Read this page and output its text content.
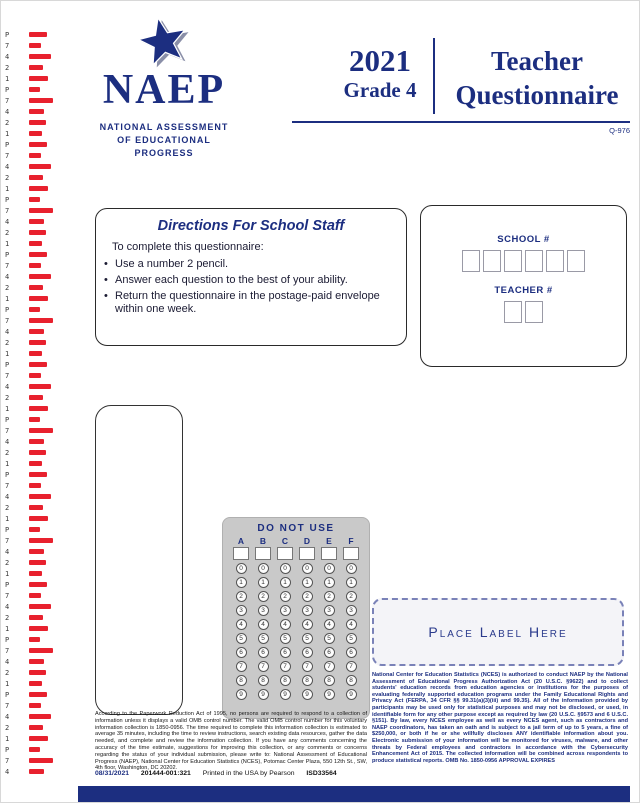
P
7
4
2
1
P
7
4
2
1
P
7
4
2
1
P
7
4
2
1
P
7
4
2
1
P
7
4
2
1
P
7
4
2
1
P
7
4
2
1
P
7
4
2
1
P
7
4
2
1
P
7
4
2
1
P
7
4
2
1
P
7
4
2
1
P
7
4
NAEP
NATIONAL ASSESSMENT
OF EDUCATIONAL
PROGRESS
2021
Grade 4
Teacher
Questionnaire
Q-976
Directions For School Staff
To complete this questionnaire:
• Use a number 2 pencil.
• Answer each question to the best of your ability.
• Return the questionnaire in the postage-paid envelope within one week.
SCHOOL #
TEACHER #
DO NOT USE
A	B	C	D	E	F
0	0	0	0	0	0
1	1	1	1	1	1
2	2	2	2	2	2
3	3	3	3	3	3
4	4	4	4	4	4
5	5	5	5	5	5
6	6	6	6	6	6
7	7	7	7	7	7
8	8	8	8	8	8
9	9	9	9	9	9
Place Label Here
According to the Paperwork Reduction Act of 1995, no persons are required to respond to a collection of information unless it displays a valid OMB control number. The valid OMB control number for this voluntary information collection is 1850-0956. The time required to complete this information collection is estimated to average 35 minutes, including the time to review instructions, search existing data resources, gather the data needed, and complete and review the information collection. If you have any comments concerning the accuracy of the time estimate, suggestions for improving this collection, or any comments or concerns regarding the status of your individual submission, please write to: National Assessment of Educational Progress (NAEP), National Center for Education Statistics (NCES), Potomac Center Plaza, 550 12th St., SW, 4th floor, Washington, DC 20202.
National Center for Education Statistics (NCES) is authorized to conduct NAEP by the National Assessment of Educational Progress Authorization Act (20 U.S.C. §9622) and to collect students' education records from education agencies or institutions for the purposes of evaluating federally supported education programs under the Family Educational Rights and Privacy Act (FERPA, 34 CFR §§ 99.31(a)(3)(iii) and 99.35). All of the information provided by participants may be used only for statistical purposes and may not be disclosed, or used, in identifiable form for any other purpose except as required by law (20 U.S.C. §9573 and 6 U.S.C. §151). By law, every NCES employee as well as every NCES agent, such as contractors and NAEP coordinators, has taken an oath and is subject to a jail term of up to 5 years, a fine of $250,000, or both if he or she willfully discloses ANY identifiable information about you. Electronic submission of your information will be monitored for viruses, malware, and other threats by Federal employees and contractors in accordance with the Cybersecurity Enhancement Act of 2015. The collected information will be combined across respondents to produce statistical reports. OMB No. 1850-0956 APPROVAL EXPIRES
08/31/2021 201444-001:321 Printed in the USA by Pearson ISD33564
